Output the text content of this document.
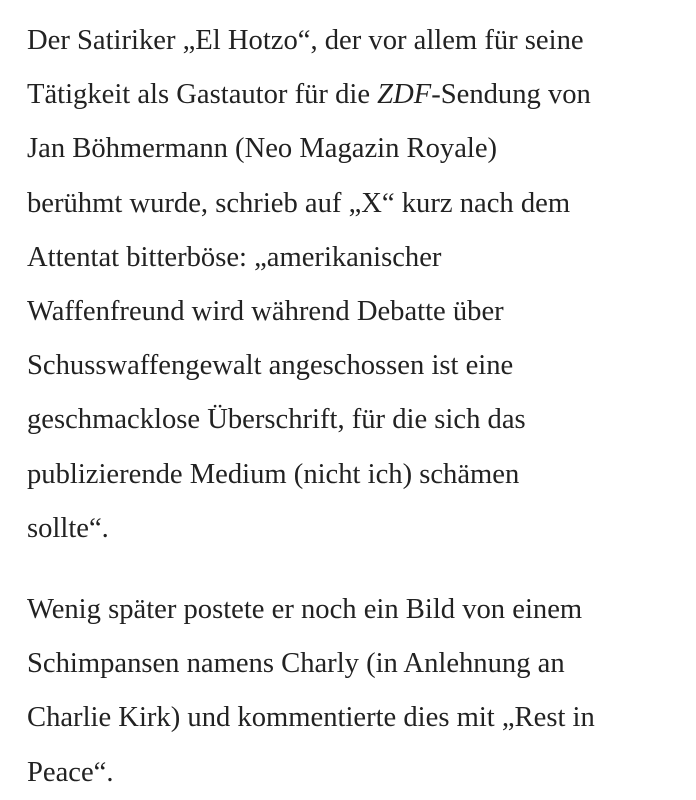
Der Satiriker „El Hotzo“, der vor allem für seine
Tätigkeit als Gastautor für die ZDF-Sendung von
Jan Böhmermann (Neo Magazin Royale)
berühmt wurde, schrieb auf „X“ kurz nach dem
Attentat bitterböse: „amerikanischer
Waffenfreund wird während Debatte über
Schusswaffengewalt angeschossen ist eine
geschmacklose Überschrift, für die sich das
publizierende Medium (nicht ich) schämen
sollte“.

Wenig später postete er noch ein Bild von einem
Schimpansen namens Charly (in Anlehnung an
Charlie Kirk) und kommentierte dies mit „Rest in
Peace“.
